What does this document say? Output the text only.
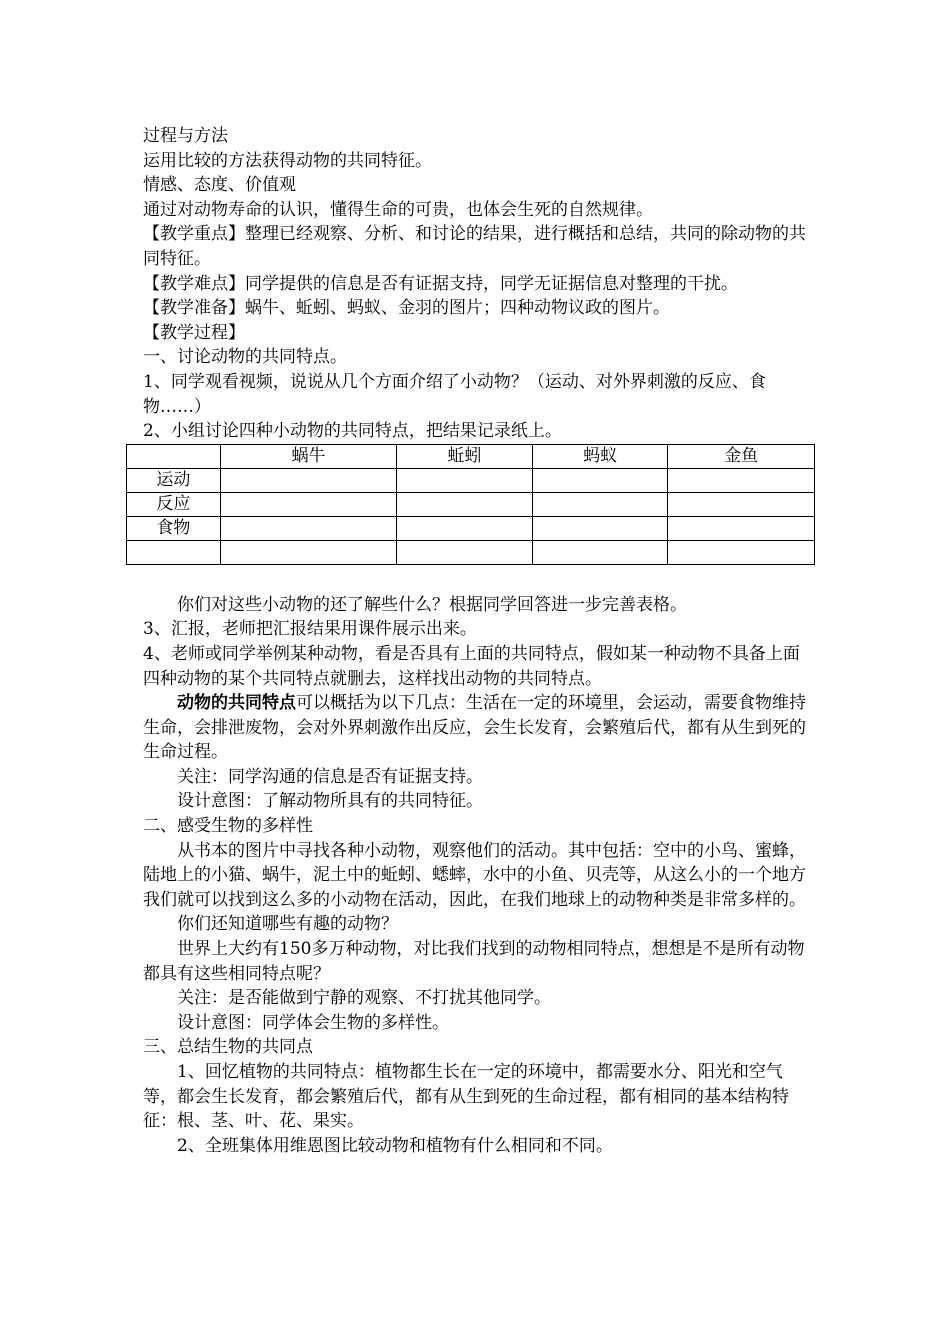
过程与方法

运用比较的方法获得动物的共同特征。

情感、态度、价值观

通过对动物寿命的认识，懂得生命的可贵，也体会生死的自然规律。

【教学重点】整理已经观察、分析、和讨论的结果，进行概括和总结，共同的除动物的共同特征。

【教学难点】同学提供的信息是否有证据支持，同学无证据信息对整理的干扰。

【教学准备】蜗牛、蚯蚓、蚂蚁、金羽的图片；四种动物议政的图片。

【教学过程】

一、讨论动物的共同特点。

1、同学观看视频，说说从几个方面介绍了小动物？（运动、对外界刺激的反应、食物……）

2、小组讨论四种小动物的共同特点，把结果记录纸上。

	蜗牛	蚯蚓	蚂蚁	金鱼
运动				
反应				
食物				

你们对这些小动物的还了解些什么？根据同学回答进一步完善表格。

3、汇报，老师把汇报结果用课件展示出来。

4、老师或同学举例某种动物，看是否具有上面的共同特点，假如某一种动物不具备上面四种动物的某个共同特点就删去，这样找出动物的共同特点。

动物的共同特点可以概括为以下几点：生活在一定的环境里，会运动，需要食物维持生命，会排泄废物，会对外界刺激作出反应，会生长发育，会繁殖后代，都有从生到死的生命过程。

关注：同学沟通的信息是否有证据支持。

设计意图：了解动物所具有的共同特征。

二、感受生物的多样性

从书本的图片中寻找各种小动物，观察他们的活动。其中包括：空中的小鸟、蜜蜂，陆地上的小猫、蜗牛，泥土中的蚯蚓、蟋蟀，水中的小鱼、贝壳等，从这么小的一个地方我们就可以找到这么多的小动物在活动，因此，在我们地球上的动物种类是非常多样的。

你们还知道哪些有趣的动物？

世界上大约有150多万种动物，对比我们找到的动物相同特点，想想是不是所有动物都具有这些相同特点呢？

关注：是否能做到宁静的观察、不打扰其他同学。

设计意图：同学体会生物的多样性。

三、总结生物的共同点

1、回忆植物的共同特点：植物都生长在一定的环境中，都需要水分、阳光和空气等，都会生长发育，都会繁殖后代，都有从生到死的生命过程，都有相同的基本结构特征：根、茎、叶、花、果实。

2、全班集体用维恩图比较动物和植物有什么相同和不同。
